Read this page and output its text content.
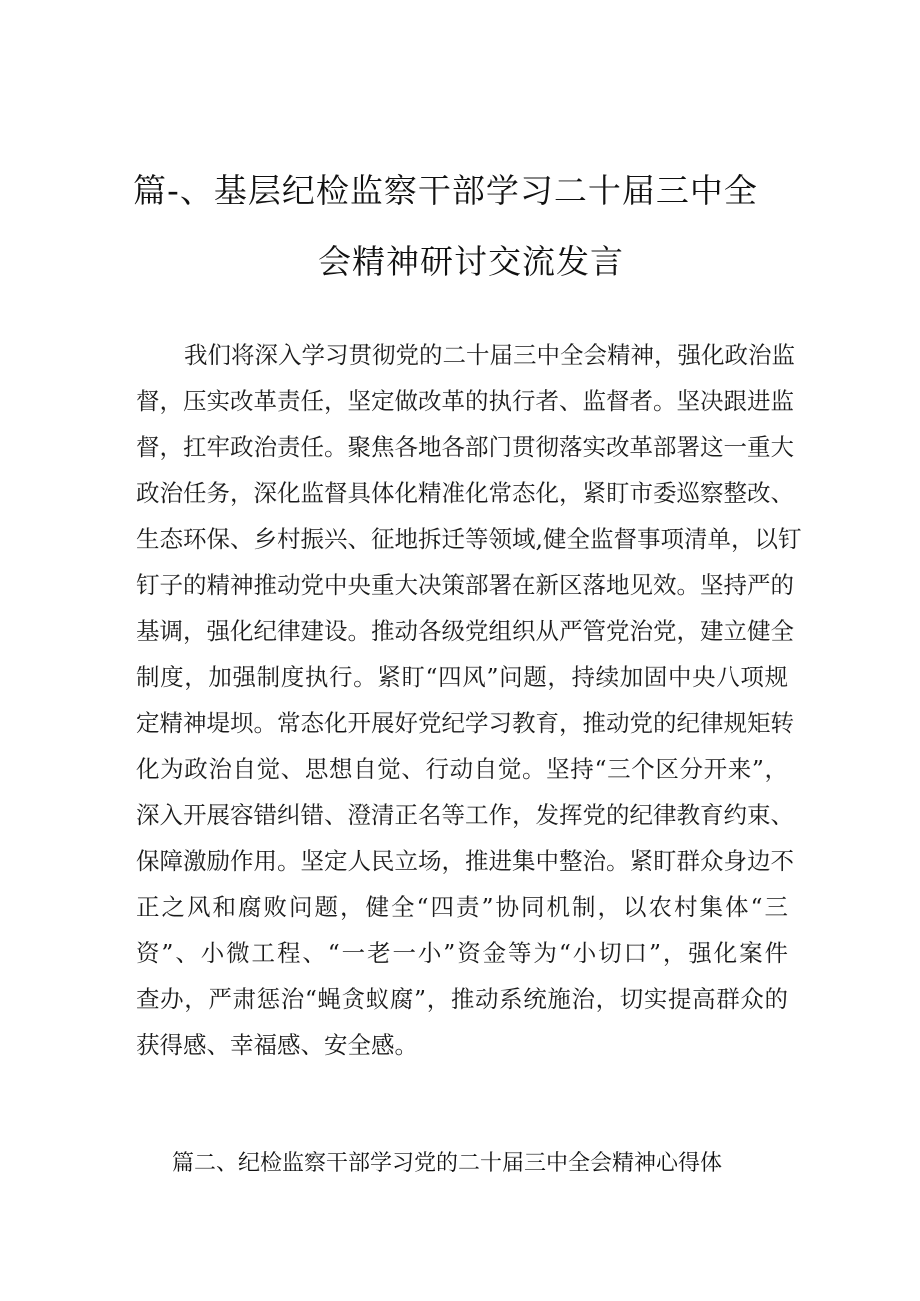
篇-、基层纪检监察干部学习二十届三中全
会精神研讨交流发言
我们将深入学习贯彻党的二十届三中全会精神，强化政治监
督，压实改革责任，坚定做改革的执行者、监督者。坚决跟进监
督，扛牢政治责任。聚焦各地各部门贯彻落实改革部署这一重大
政治任务，深化监督具体化精准化常态化，紧盯市委巡察整改、
生态环保、乡村振兴、征地拆迁等领域,健全监督事项清单，以钉
钉子的精神推动党中央重大决策部署在新区落地见效。坚持严的
基调，强化纪律建设。推动各级党组织从严管党治党，建立健全
制度，加强制度执行。紧盯“四风”问题，持续加固中央八项规
定精神堤坝。常态化开展好党纪学习教育，推动党的纪律规矩转
化为政治自觉、思想自觉、行动自觉。坚持“三个区分开来”，
深入开展容错纠错、澄清正名等工作，发挥党的纪律教育约束、
保障激励作用。坚定人民立场，推进集中整治。紧盯群众身边不
正之风和腐败问题，健全“四责”协同机制，以农村集体“三
资”、小微工程、“一老一小”资金等为“小切口”，强化案件
查办，严肃惩治“蝇贪蚁腐”，推动系统施治，切实提高群众的
获得感、幸福感、安全感。
篇二、纪检监察干部学习党的二十届三中全会精神心得体
